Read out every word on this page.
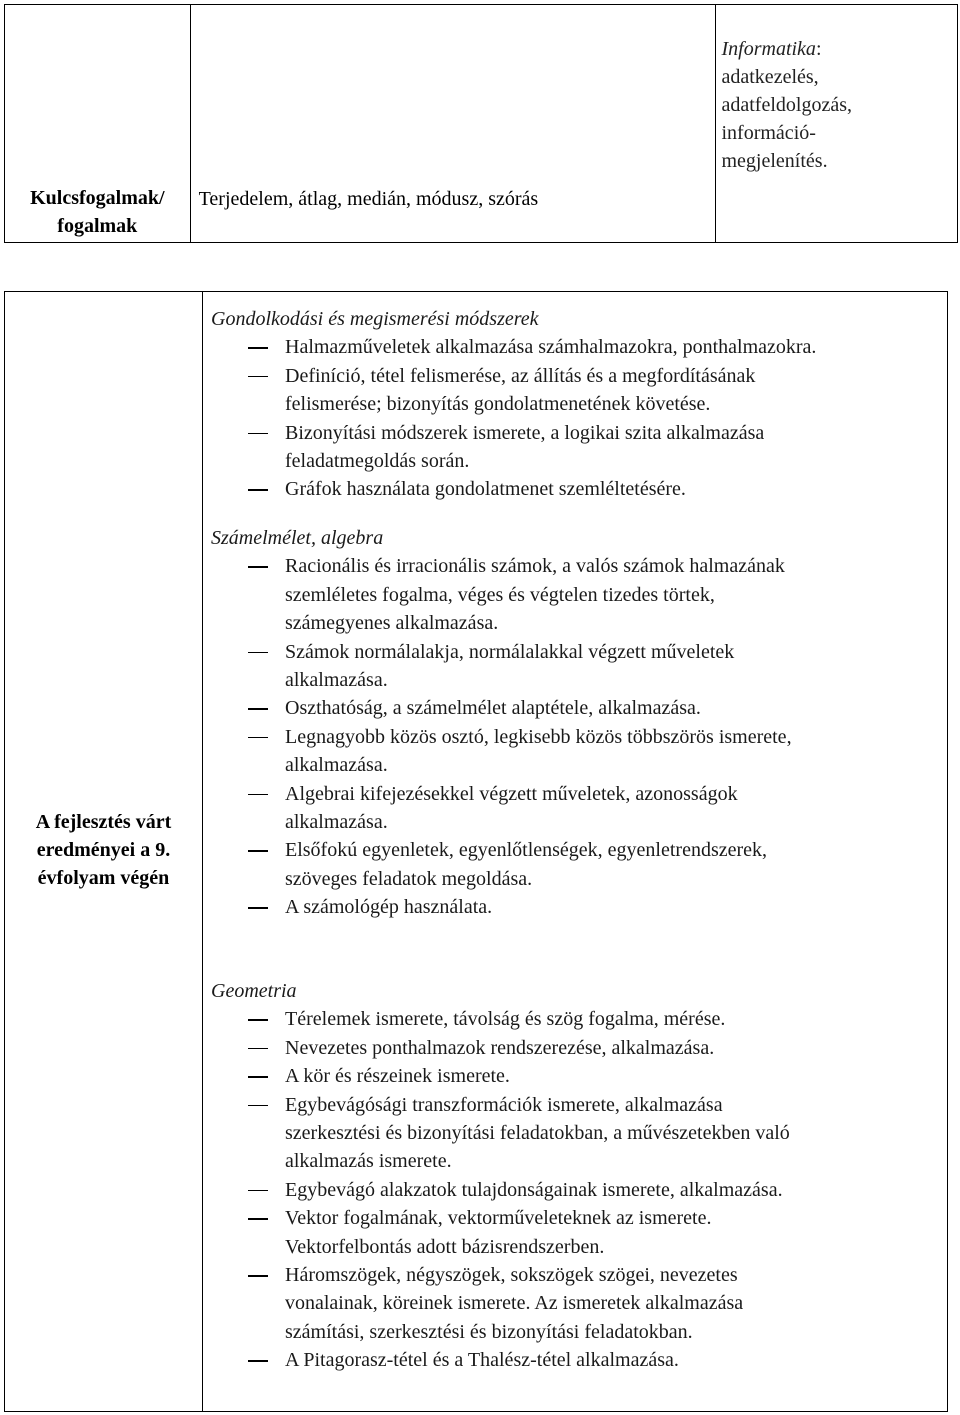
Kulcsfogalmak/
fogalmak
Terjedelem, átlag, medián, módusz, szórás
Informatika:
adatkezelés,
adatfeldolgozás,
információ-
megjelenítés.
A fejlesztés várt
eredményei a 9.
évfolyam végén
Gondolkodási és megismerési módszerek
Halmazműveletek alkalmazása számhalmazokra, ponthalmazokra.
Definíció, tétel felismerése, az állítás és a megfordításának
felismerése; bizonyítás gondolatmenetének követése.
Bizonyítási módszerek ismerete, a logikai szita alkalmazása
feladatmegoldás során.
Gráfok használata gondolatmenet szemléltetésére.
Számelmélet, algebra
Racionális és irracionális számok, a valós számok halmazának
szemléletes fogalma, véges és végtelen tizedes törtek,
számegyenes alkalmazása.
Számok normálalakja, normálalakkal végzett műveletek
alkalmazása.
Oszthatóság, a számelmélet alaptétele, alkalmazása.
Legnagyobb közös osztó, legkisebb közös többszörös ismerete,
alkalmazása.
Algebrai kifejezésekkel végzett műveletek, azonosságok
alkalmazása.
Elsőfokú egyenletek, egyenlőtlenségek, egyenletrendszerek,
szöveges feladatok megoldása.
A számológép használata.
Geometria
Térelemek ismerete, távolság és szög fogalma, mérése.
Nevezetes ponthalmazok rendszerezése, alkalmazása.
A kör és részeinek ismerete.
Egybevágósági transzformációk ismerete, alkalmazása
szerkesztési és bizonyítási feladatokban, a művészetekben való
alkalmazás ismerete.
Egybevágó alakzatok tulajdonságainak ismerete, alkalmazása.
Vektor fogalmának, vektorműveleteknek az ismerete.
Vektorfelbontás adott bázisrendszerben.
Háromszögek, négyszögek, sokszögek szögei, nevezetes
vonalainak, köreinek ismerete. Az ismeretek alkalmazása
számítási, szerkesztési és bizonyítási feladatokban.
A Pitagorasz-tétel és a Thalész-tétel alkalmazása.
